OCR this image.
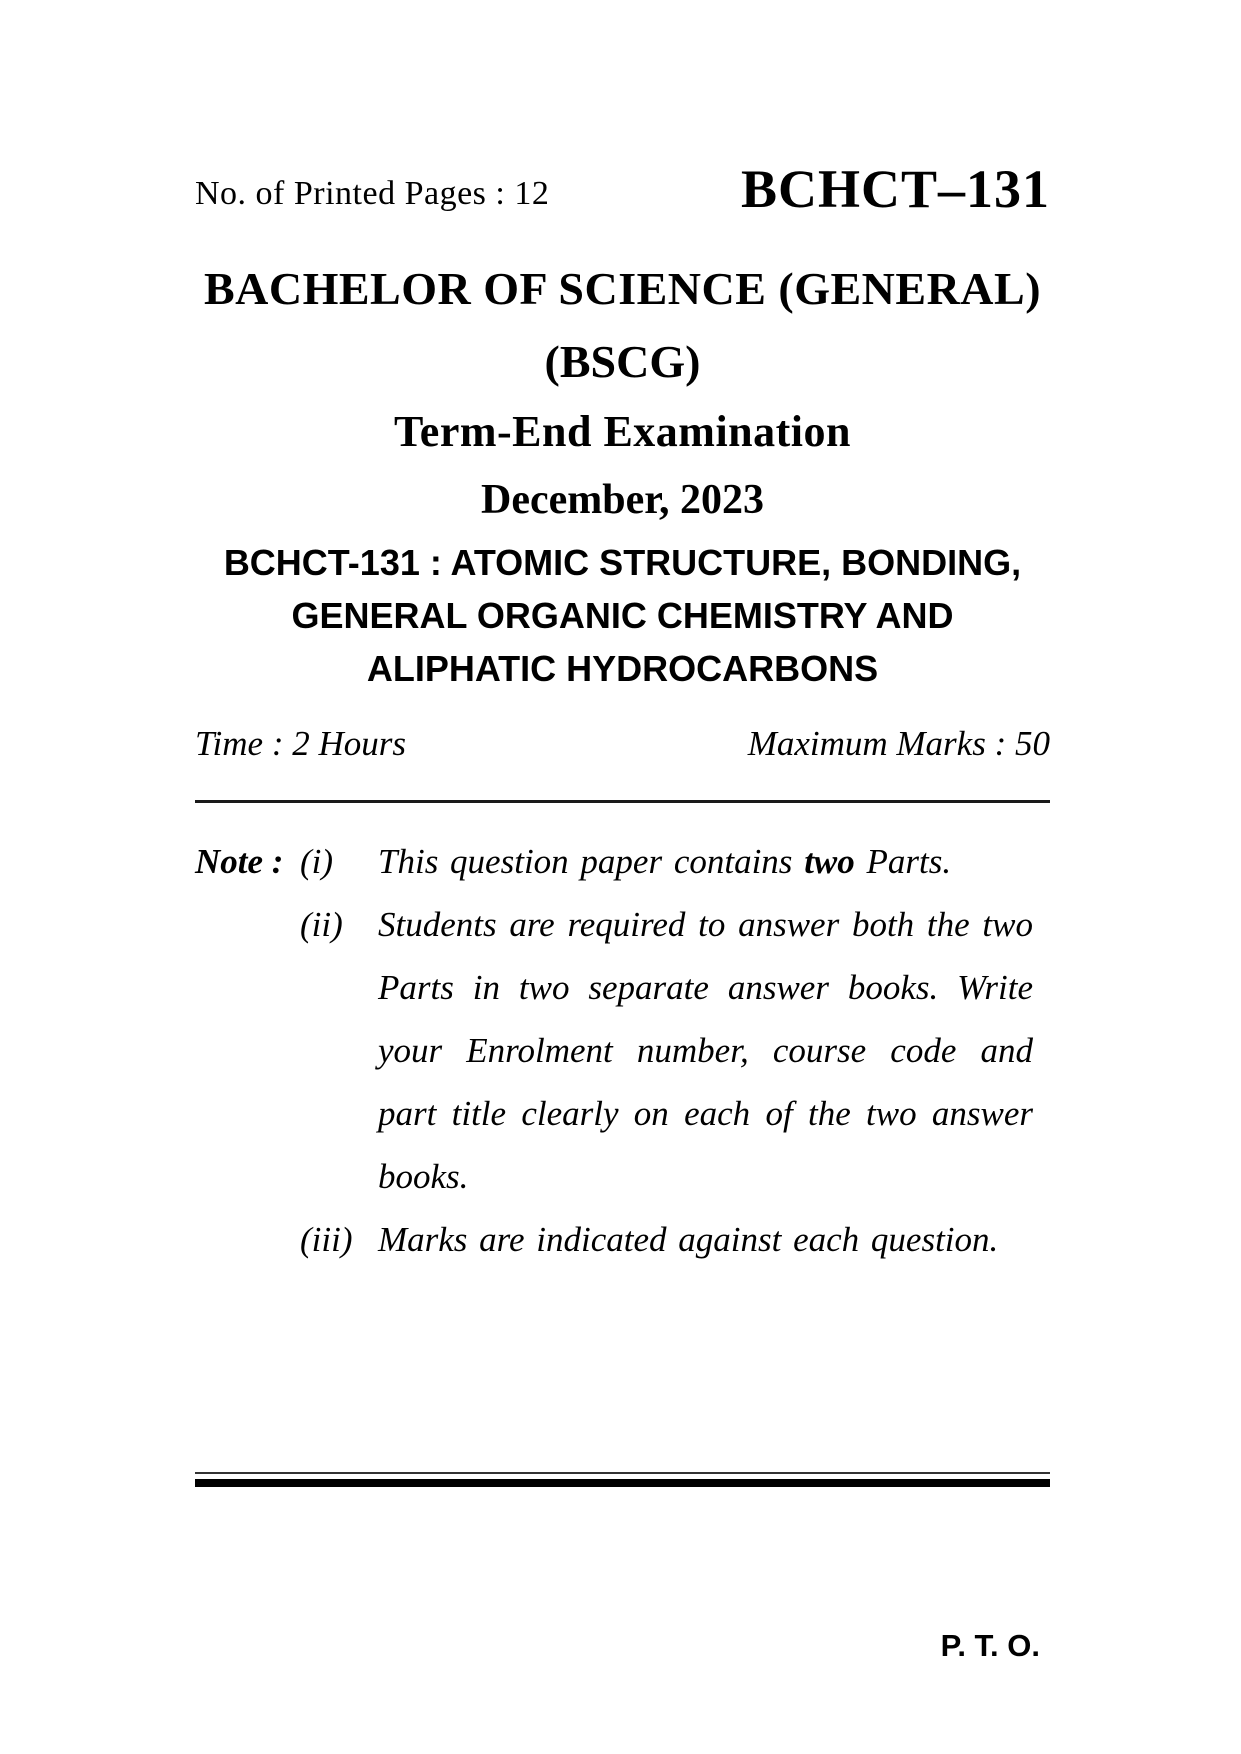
No. of Printed Pages : 12	BCHCT–131
BACHELOR OF SCIENCE (GENERAL)
(BSCG)
Term-End Examination
December, 2023
BCHCT-131 : ATOMIC STRUCTURE, BONDING,
GENERAL ORGANIC CHEMISTRY AND
ALIPHATIC HYDROCARBONS
Time : 2 Hours	Maximum Marks : 50
Note : (i)	This question paper contains two Parts.
(ii)	Students are required to answer both the two Parts in two separate answer books. Write your Enrolment number, course code and part title clearly on each of the two answer books.
(iii) Marks are indicated against each question.
P. T. O.
